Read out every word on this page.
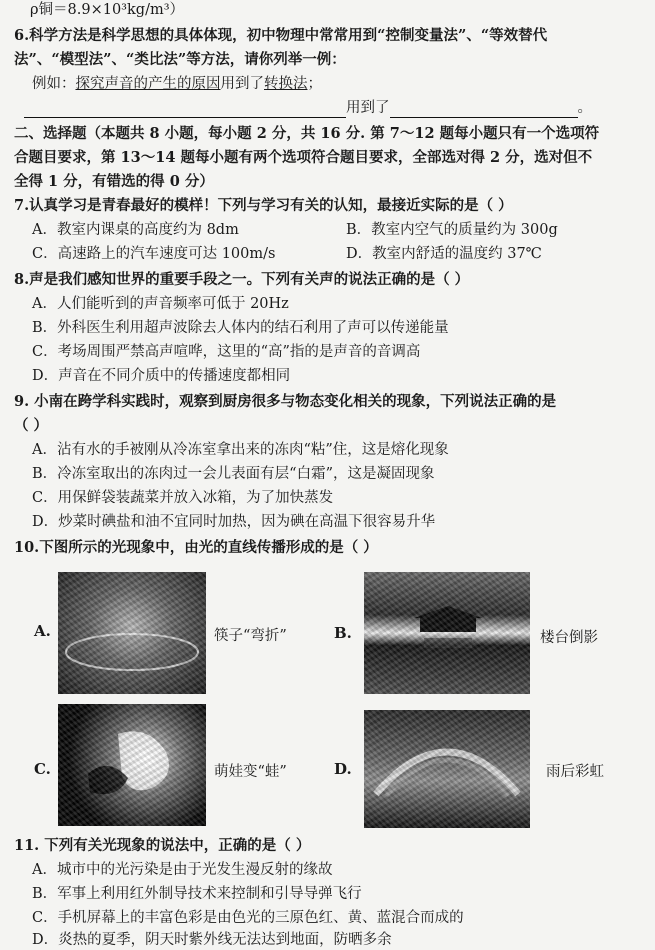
ρ铜＝8.9×10³kg/m³）
6.科学方法是科学思想的具体体现，初中物理中常常用到“控制变量法”、“等效替代
法”、“模型法”、“类比法”等方法，请你列举一例：
例如：探究声音的产生的原因用到了转换法；
用到了	。
二、选择题（本题共 8 小题，每小题 2 分，共 16 分. 第 7～12 题每小题只有一个选项符
合题目要求，第 13～14 题每小题有两个选项符合题目要求，全部选对得 2 分，选对但不
全得 1 分，有错选的得 0 分）
7.认真学习是青春最好的模样！下列与学习有关的认知，最接近实际的是（ ）
A．教室内课桌的高度约为 8dm	B．教室内空气的质量约为 300g
C．高速路上的汽车速度可达 100m/s	D．教室内舒适的温度约 37℃
8.声是我们感知世界的重要手段之一。下列有关声的说法正确的是（ ）
A．人们能听到的声音频率可低于 20Hz
B．外科医生利用超声波除去人体内的结石利用了声可以传递能量
C．考场周围严禁高声喧哗，这里的“高”指的是声音的音调高
D．声音在不同介质中的传播速度都相同
9. 小南在跨学科实践时，观察到厨房很多与物态变化相关的现象，下列说法正确的是
（ ）
A．沾有水的手被刚从冷冻室拿出来的冻肉“粘”住，这是熔化现象
B．冷冻室取出的冻肉过一会儿表面有层“白霜”，这是凝固现象
C．用保鲜袋装蔬菜并放入冰箱，为了加快蒸发
D．炒菜时碘盐和油不宜同时加热，因为碘在高温下很容易升华
10.下图所示的光现象中，由光的直线传播形成的是（ ）
A.	筷子“弯折”	B.	楼台倒影
C.	萌娃变“蛙”	D.	雨后彩虹
11. 下列有关光现象的说法中，正确的是（ ）
A．城市中的光污染是由于光发生漫反射的缘故
B．军事上利用红外制导技术来控制和引导导弹飞行
C．手机屏幕上的丰富色彩是由色光的三原色红、黄、蓝混合而成的
D．炎热的夏季，阴天时紫外线无法达到地面，防晒多余
